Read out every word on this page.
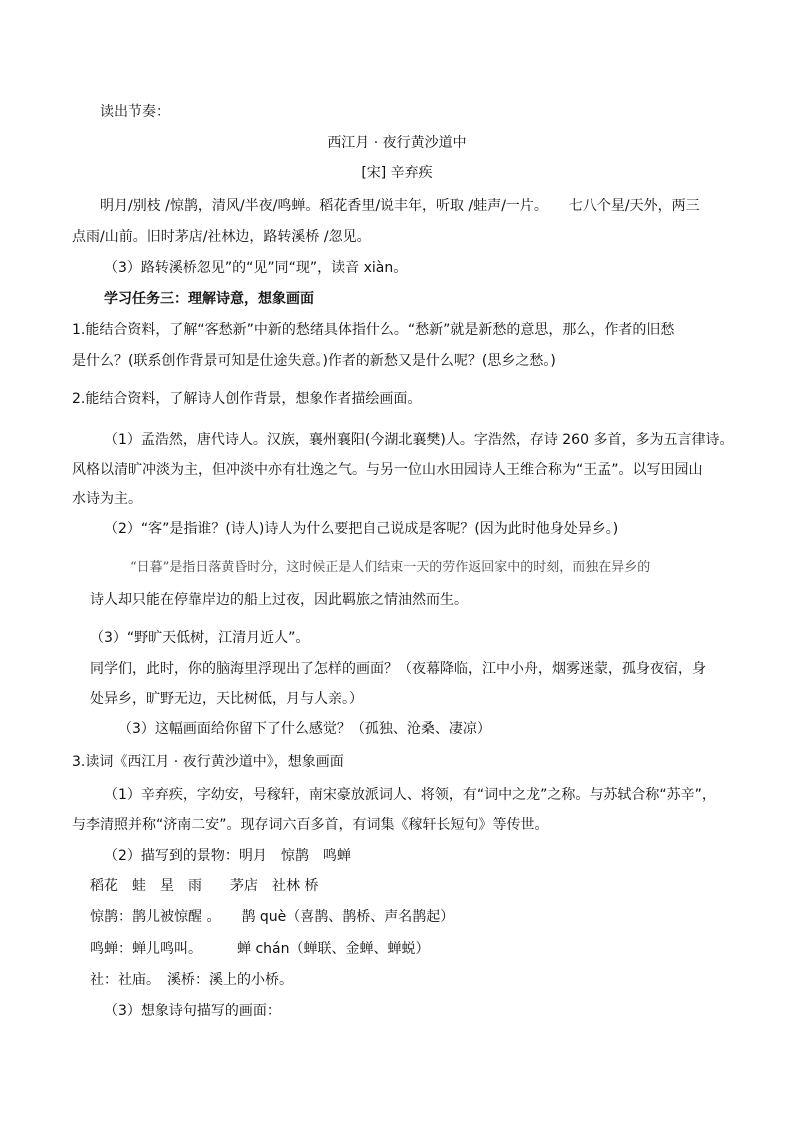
读出节奏：
西江月 · 夜行黄沙道中
[宋] 辛弃疾
明月/别枝 /惊鹊，清风/半夜/鸣蝉。稻花香里/说丰年，听取 /蛙声/一片。　　七八个星/天外，两三
点雨/山前。旧时茅店/社林边，路转溪桥 /忽见。
（3）路转溪桥忽见”的“见”同“现”，读音 xiàn。
学习任务三：理解诗意，想象画面
1.能结合资料，了解“客愁新”中新的愁绪具体指什么。“愁新”就是新愁的意思，那么，作者的旧愁
是什么？(联系创作背景可知是仕途失意。)作者的新愁又是什么呢？(思乡之愁。)
2.能结合资料，了解诗人创作背景，想象作者描绘画面。
（1）孟浩然，唐代诗人。汉族，襄州襄阳(今湖北襄樊)人。字浩然，存诗 260 多首，多为五言律诗。
风格以清旷冲淡为主，但冲淡中亦有壮逸之气。与另一位山水田园诗人王维合称为“王孟”。以写田园山
水诗为主。
（2）“客”是指谁？(诗人)诗人为什么要把自己说成是客呢？(因为此时他身处异乡。)
“日暮”是指日落黄昏时分，这时候正是人们结束一天的劳作返回家中的时刻，而独在异乡的
诗人却只能在停靠岸边的船上过夜，因此羁旅之情油然而生。
（3）“野旷天低树，江清月近人”。
同学们，此时，你的脑海里浮现出了怎样的画面？（夜幕降临，江中小舟，烟雾迷蒙，孤身夜宿，身
处异乡，旷野无边，天比树低，月与人亲。）
（3）这幅画面给你留下了什么感觉？（孤独、沧桑、凄凉）
3.读词《西江月 · 夜行黄沙道中》，想象画面
（1）辛弃疾，字幼安，号稼轩，南宋豪放派词人、将领，有“词中之龙”之称。与苏轼合称“苏辛”，
与李清照并称“济南二安”。现存词六百多首，有词集《稼轩长短句》等传世。
（2）描写到的景物：明月　惊鹊　鸣蝉
稻花　蛙　星　雨　　茅店　社林 桥
惊鹊：鹊儿被惊醒 。　　鹊 què（喜鹊、鹊桥、声名鹊起）
鸣蝉：蝉儿鸣叫。　　　蝉 chán（蝉联、金蝉、蝉蜕）
社：社庙。　溪桥：溪上的小桥。
（3）想象诗句描写的画面：
